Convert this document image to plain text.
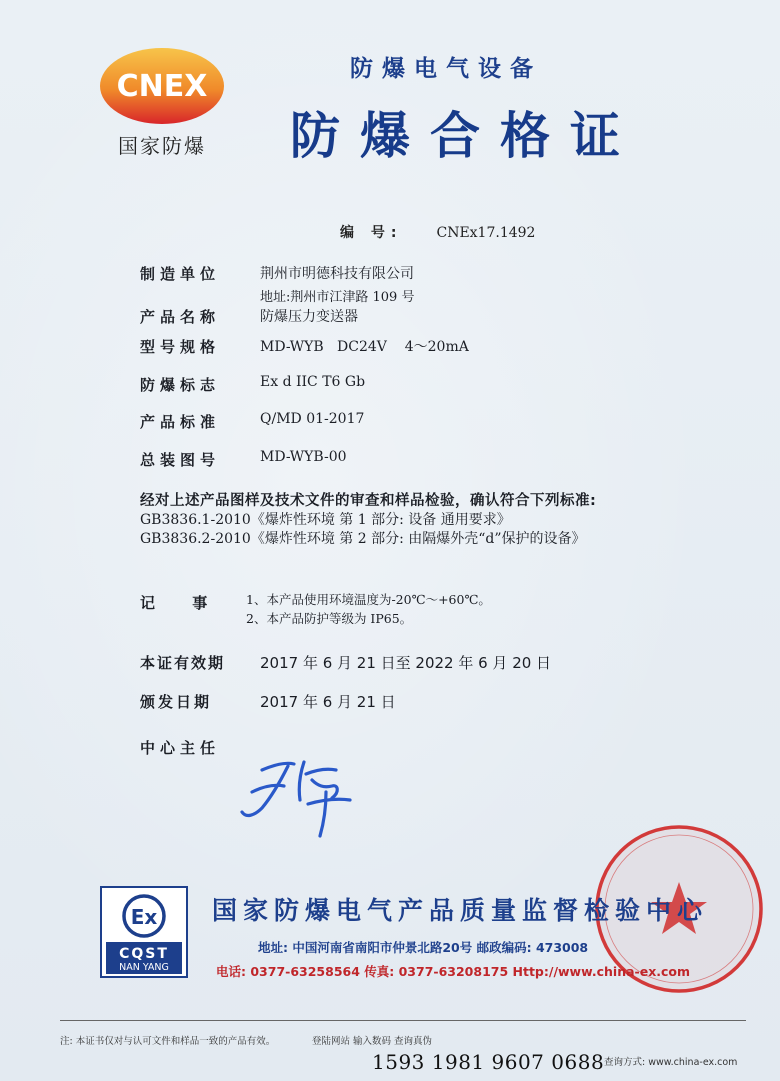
CNEX
国家防爆
防爆电气设备
防爆合格证
编 号: CNEx17.1492
制造单位	荆州市明德科技有限公司
地址:荆州市江津路 109 号
产品名称	防爆压力变送器
型号规格	MD-WYB   DC24V    4～20mA
防爆标志	Ex d IIC T6 Gb
产品标准	Q/MD 01-2017
总装图号	MD-WYB-00
经对上述产品图样及技术文件的审查和样品检验，确认符合下列标准:
GB3836.1-2010《爆炸性环境 第 1 部分: 设备 通用要求》
GB3836.2-2010《爆炸性环境 第 2 部分: 由隔爆外壳“d”保护的设备》
记 事 1、本产品使用环境温度为-20℃～+60℃。
2、本产品防护等级为 IP65。
本证有效期 2017 年 6 月 21 日至 2022 年 6 月 20 日
颁发日期	2017 年 6 月 21 日
中心主任
Ex
CQST
NAN YANG
国家防爆电气产品质量监督检验中心
地址: 中国河南省南阳市仲景北路20号 邮政编码: 473008
电话: 0377-63258564 传真: 0377-63208175 Http://www.china-ex.com
注: 本证书仅对与认可文件和样品一致的产品有效。	登陆网站 输入数码 查询真伪
1593 1981 9607 0688 查询方式: www.china-ex.com
